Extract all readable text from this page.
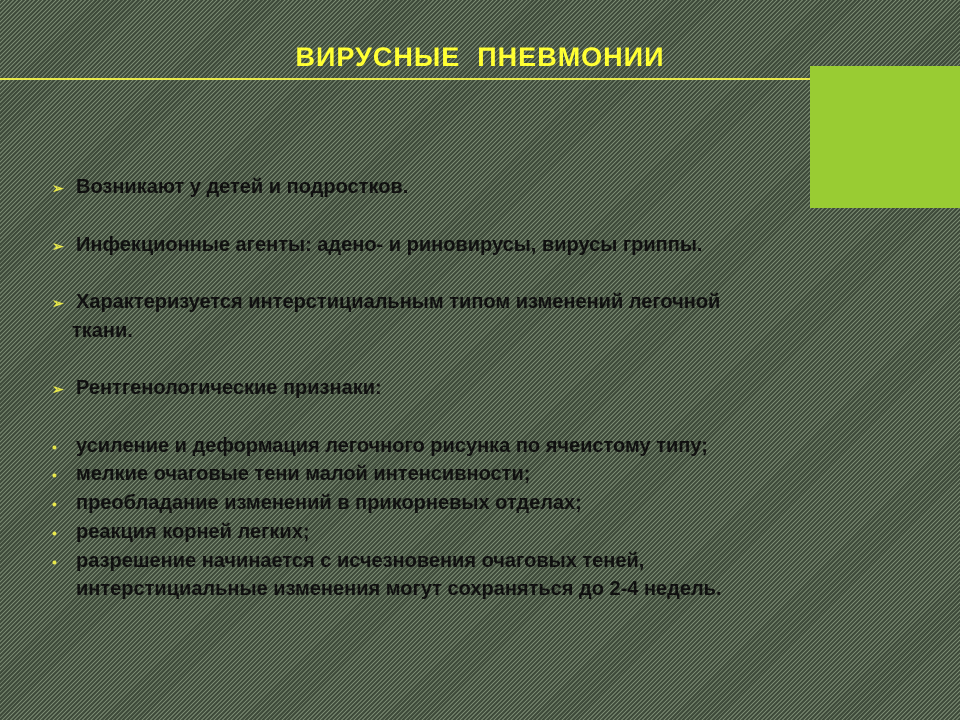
ВИРУСНЫЕ  ПНЕВМОНИИ
➢ Возникают у детей и подростков.
➢ Инфекционные агенты: адено- и риновирусы, вирусы гриппы.
➢ Характеризуется интерстициальным типом изменений легочной
ткани.
➢ Рентгенологические признаки:
• усиление и деформация легочного рисунка по ячеистому типу;
• мелкие очаговые тени малой интенсивности;
• преобладание изменений в прикорневых отделах;
• реакция корней легких;
• разрешение начинается с исчезновения очаговых теней,
интерстициальные изменения могут сохраняться до 2-4 недель.
